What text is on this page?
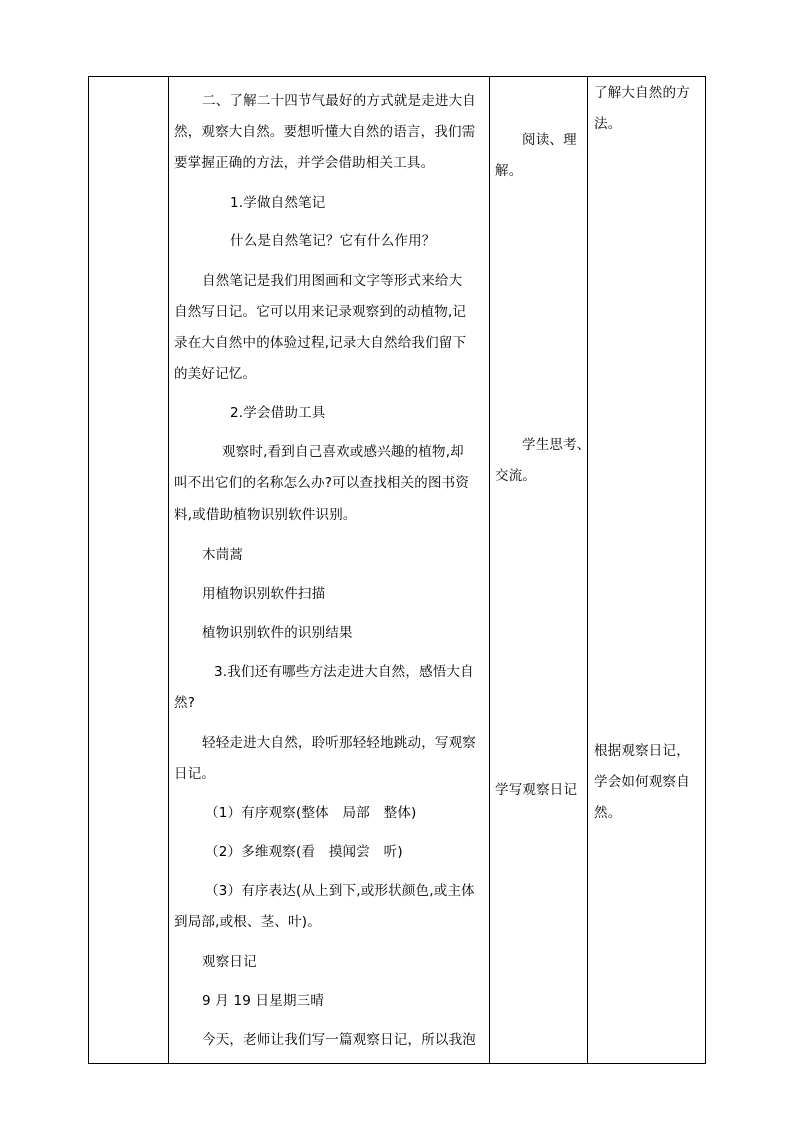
二、了解二十四节气最好的方式就是走进大自
然，观察大自然。要想听懂大自然的语言，我们需
要掌握正确的方法，并学会借助相关工具。
1.学做自然笔记
什么是自然笔记？它有什么作用？
自然笔记是我们用图画和文字等形式来给大
自然写日记。它可以用来记录观察到的动植物,记
录在大自然中的体验过程,记录大自然给我们留下
的美好记忆。
2.学会借助工具
观察时,看到自己喜欢或感兴趣的植物,却
叫不出它们的名称怎么办?可以查找相关的图书资
料,或借助植物识别软件识别。
木茼蒿
用植物识别软件扫描
植物识别软件的识别结果
3.我们还有哪些方法走进大自然，感悟大自
然?
轻轻走进大自然，聆听那轻轻地跳动，写观察
日记。
（1）有序观察(整体　局部　整体)
（2）多维观察(看　摸闻尝　听)
（3）有序表达(从上到下,或形状颜色,或主体
到局部,或根、茎、叶)。
观察日记
9 月 19 日星期三晴
今天，老师让我们写一篇观察日记，所以我泡
阅读、理
解。
学生思考、
交流。
学写观察日记
了解大自然的方
法。
根据观察日记，
学会如何观察自
然。
